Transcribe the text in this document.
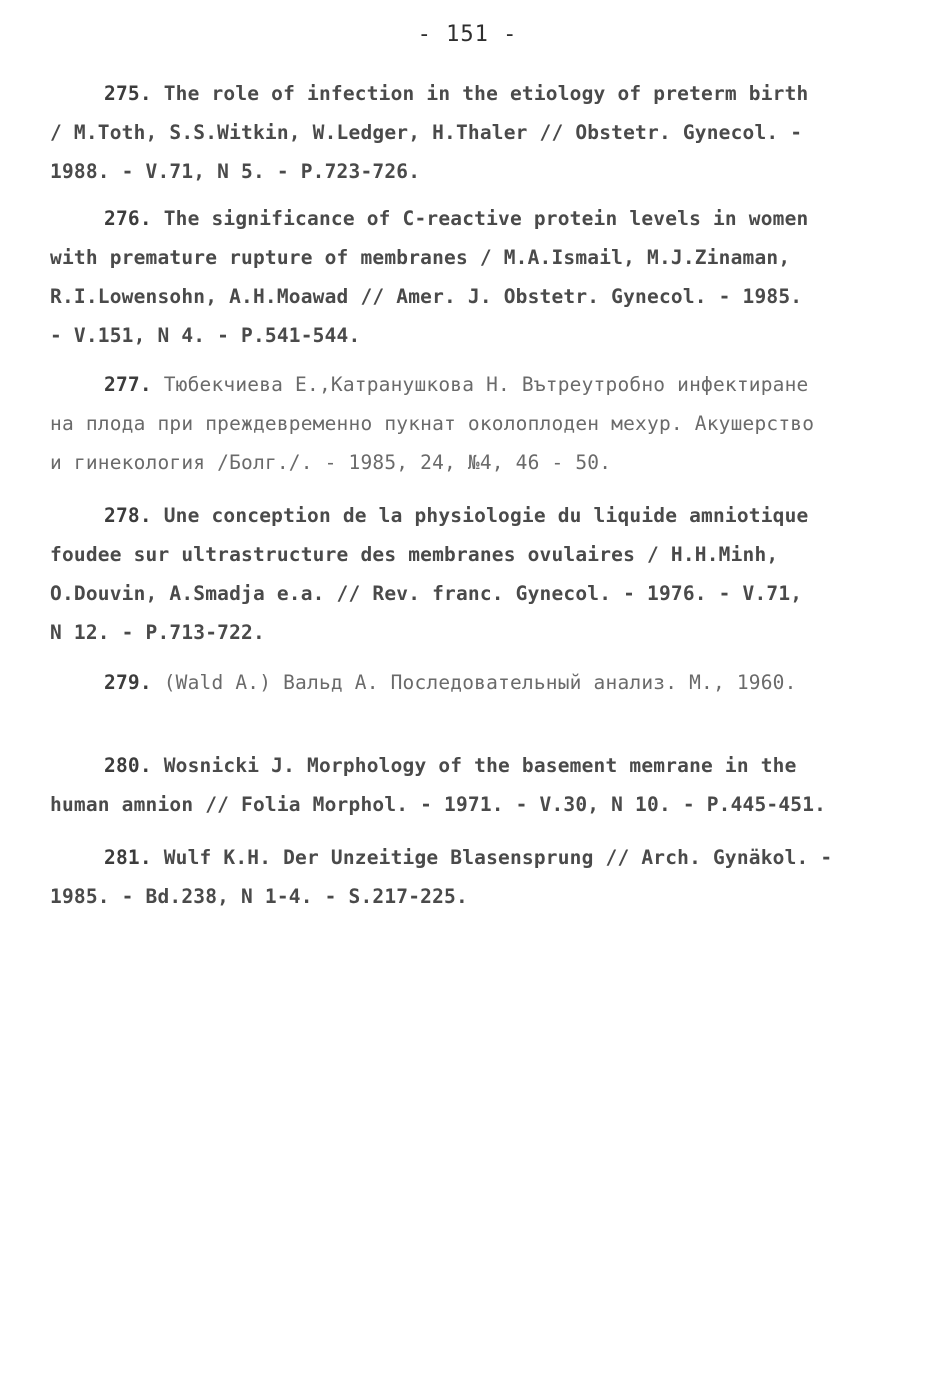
- 151 -

275. The role of infection in the etiology of preterm birth

/ M.Toth, S.S.Witkin, W.Ledger, H.Thaler // Obstetr. Gynecol. -

1988. - V.71, N 5. - P.723-726.

276. The significance of C-reactive protein levels in women

with premature rupture of membranes / M.A.Ismail, M.J.Zinaman,

R.I.Lowensohn, A.H.Moawad // Amer. J. Obstetr. Gynecol. - 1985.

- V.151, N 4. - P.541-544.

277. Тюбекчиева Е.,Катранушкова Н. Вътреутробно инфектиране

на плода при преждевременно пукнат околоплоден мехур. Акушерство

и гинекология /Болг./. - 1985, 24, №4, 46 - 50.

278. Une conception de la physiologie du liquide amniotique

foudee sur ultrastructure des membranes ovulaires / H.H.Minh,

O.Douvin, A.Smadja e.a. // Rev. franc. Gynecol. - 1976. - V.71,

N 12. - P.713-722.

279. (Wald A.) Вальд А. Последовательный анализ. М., 1960.

280. Wosnicki J. Morphology of the basement memrane in the

human amnion // Folia Morphol. - 1971. - V.30, N 10. - P.445-451.

281. Wulf K.H. Der Unzeitige Blasensprung // Arch. Gynäkol. -

1985. - Bd.238, N 1-4. - S.217-225.
